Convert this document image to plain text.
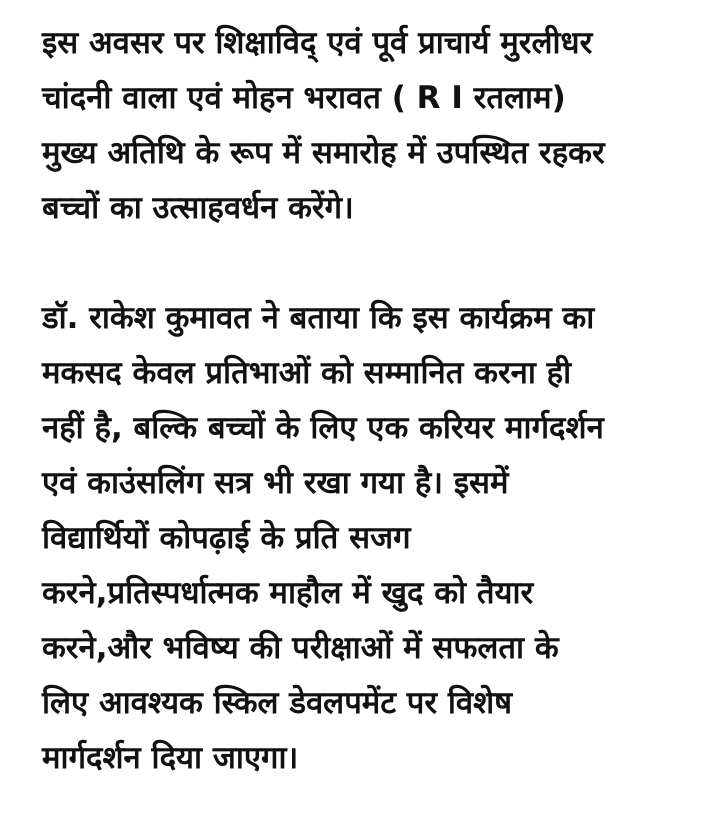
इस अवसर पर शिक्षाविद् एवं पूर्व प्राचार्य मुरलीधर
चांदनी वाला एवं मोहन भरावत ( R I रतलाम)
मुख्य अतिथि के रूप में समारोह में उपस्थित रहकर
बच्चों का उत्साहवर्धन करेंगे।

डॉ. राकेश कुमावत ने बताया कि इस कार्यक्रम का
मकसद केवल प्रतिभाओं को सम्मानित करना ही
नहीं है, बल्कि बच्चों के लिए एक करियर मार्गदर्शन
एवं काउंसलिंग सत्र भी रखा गया है। इसमें
विद्यार्थियों कोपढ़ाई के प्रति सजग
करने,प्रतिस्पर्धात्मक माहौल में खुद को तैयार
करने,और भविष्य की परीक्षाओं में सफलता के
लिए आवश्यक स्किल डेवलपमेंट पर विशेष
मार्गदर्शन दिया जाएगा।
